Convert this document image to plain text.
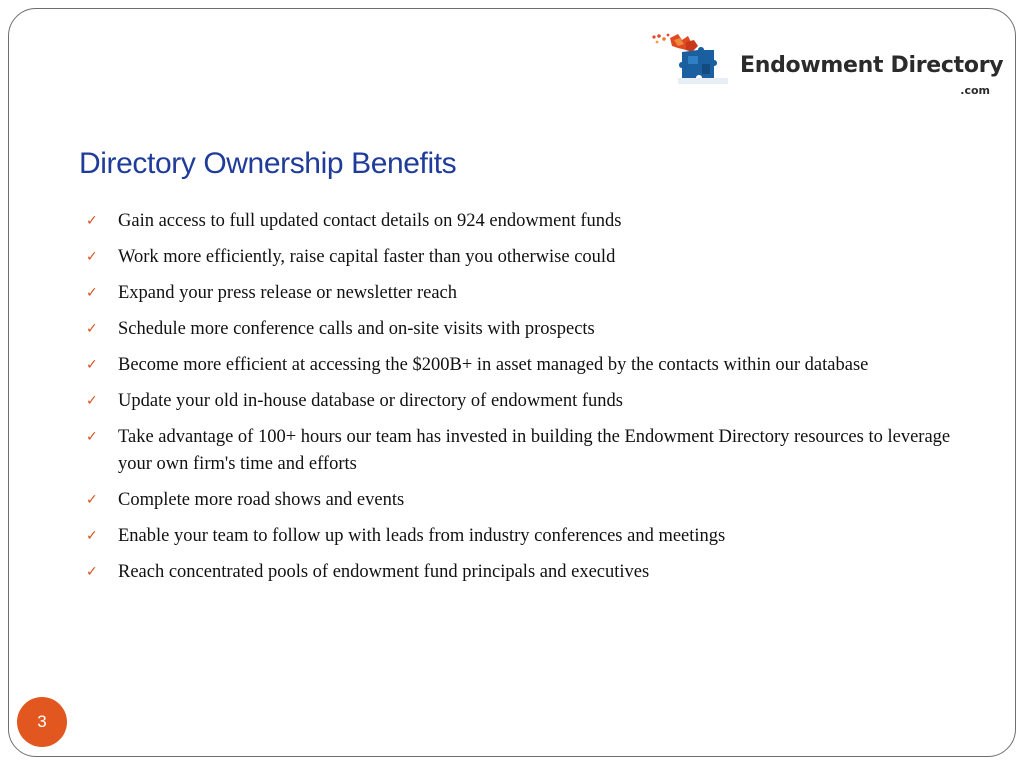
Endowment Directory
.com
Directory Ownership Benefits
✓	Gain access to full updated contact details on 924 endowment funds
✓	Work more efficiently, raise capital faster than you otherwise could
✓	Expand your press release or newsletter reach
✓	Schedule more conference calls and on-site visits with prospects
✓	Become more efficient at accessing the $200B+ in asset managed by the contacts within our database
✓	Update your old in-house database or directory of endowment funds
✓	Take advantage of 100+ hours our team has invested in building the Endowment Directory resources to leverage your own firm's time and efforts
✓	Complete more road shows and events
✓	Enable your team to follow up with leads from industry conferences and meetings
✓	Reach concentrated pools of endowment fund principals and executives
3
